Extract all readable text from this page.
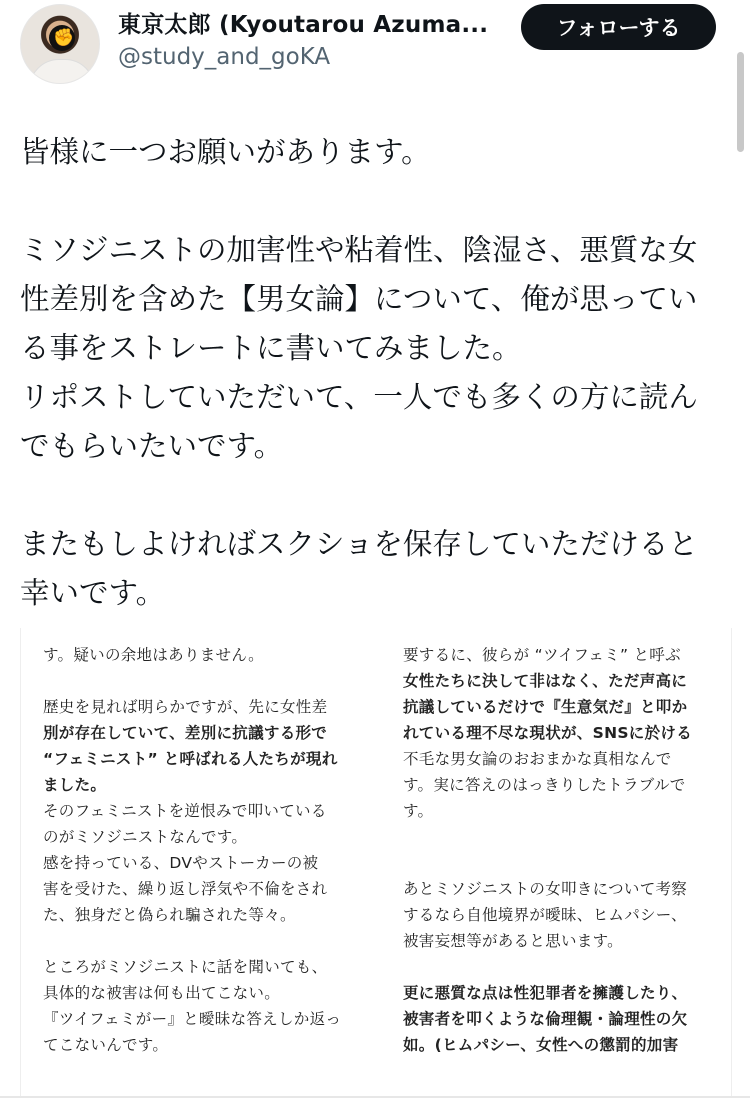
✊ 東京太郎 (Kyoutarou Azuma...
@study_and_goKA
フォローする

皆様に一つお願いがあります。

ミソジニストの加害性や粘着性、陰湿さ、悪質な女

性差別を含めた【男女論】について、俺が思ってい

る事をストレートに書いてみました。

リポストしていただいて、一人でも多くの方に読ん

でもらいたいです。

またもしよければスクショを保存していただけると

幸いです。

す。疑いの余地はありません。

歴史を見れば明らかですが、先に女性差

別が存在していて、差別に抗議する形で

“フェミニスト” と呼ばれる人たちが現れ

ました。

そのフェミニストを逆恨みで叩いている

のがミソジニストなんです。

感を持っている、DVやストーカーの被

害を受けた、繰り返し浮気や不倫をされ

た、独身だと偽られ騙された等々。

ところがミソジニストに話を聞いても、

具体的な被害は何も出てこない。

『ツイフェミがー』と曖昧な答えしか返っ

てこないんです。

要するに、彼らが “ツイフェミ” と呼ぶ

女性たちに決して非はなく、ただ声高に

抗議しているだけで『生意気だ』と叩か

れている理不尽な現状が、SNSに於ける

不毛な男女論のおおまかな真相なんで

す。実に答えのはっきりしたトラブルで

す。

あとミソジニストの女叩きについて考察

するなら自他境界が曖昧、ヒムパシー、

被害妄想等があると思います。

更に悪質な点は性犯罪者を擁護したり、

被害者を叩くような倫理観・論理性の欠

如。(ヒムパシー、女性への懲罰的加害
